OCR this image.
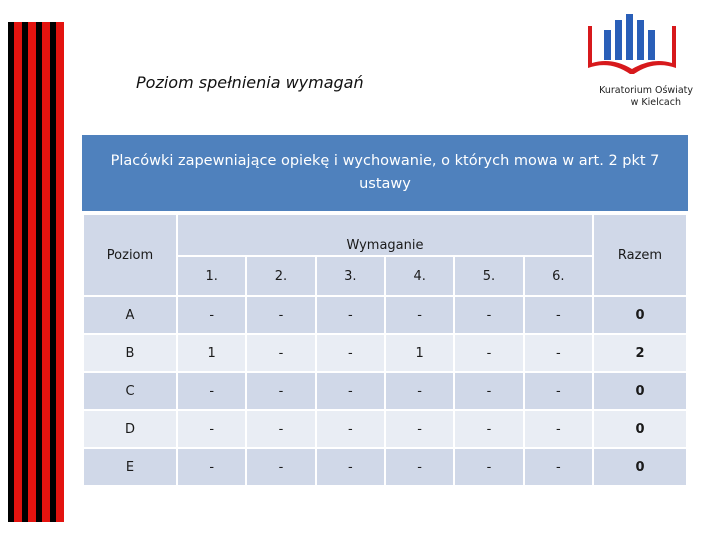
Poziom spełnienia wymagań	Kuratorium Oświaty
w Kielcach
Placówki zapewniające opiekę i wychowanie, o których mowa w art. 2 pkt 7 ustawy
Poziom	Wymaganie						Razem
	1.	2.	3.	4.	5.	6.	
A	-	-	-	-	-	-	0
B	1	-	-	1	-	-	2
C	-	-	-	-	-	-	0
D	-	-	-	-	-	-	0
E	-	-	-	-	-	-	0
